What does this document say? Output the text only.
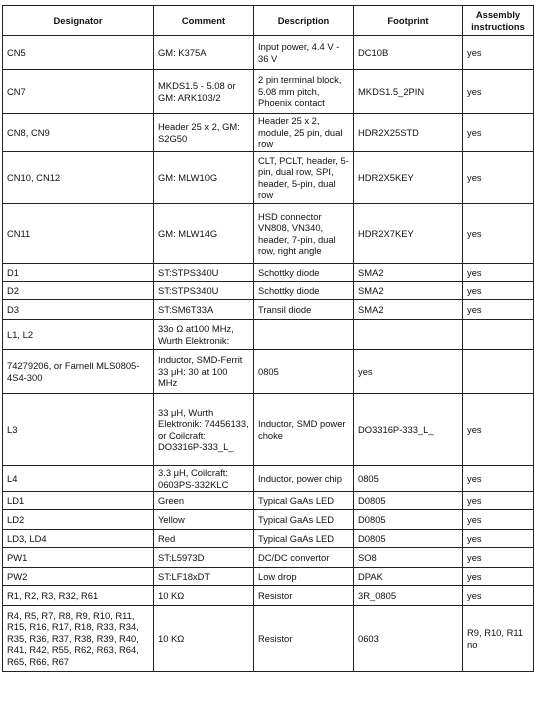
Designator	Comment	Description	Footprint	Assembly instructions
CN5	GM: K375A	Input power, 4.4 V - 36 V	DC10B	yes
CN7	MKDS1.5 - 5.08 or GM: ARK103/2	2 pin terminal block, 5.08 mm pitch, Phoenix contact	MKDS1.5_2PIN	yes
CN8, CN9	Header 25 x 2, GM: S2G50	Header 25 x 2, module, 25 pin, dual row	HDR2X25STD	yes
CN10, CN12	GM: MLW10G	CLT, PCLT, header, 5-pin, dual row, SPI, header, 5-pin, dual row	HDR2X5KEY	yes
CN11	GM: MLW14G	HSD connector VN808, VN340, header, 7-pin, dual row, right angle	HDR2X7KEY	yes
D1	ST:STPS340U	Schottky diode	SMA2	yes
D2	ST:STPS340U	Schottky diode	SMA2	yes
D3	ST:SM6T33A	Transil diode	SMA2	yes
L1, L2	33o Ω at100 MHz, Wurth Elektronik:			
74279206, or Farnell MLS0805-4S4-300	Inductor, SMD-Ferrit 33 μH: 30 at 100 MHz	0805	yes	
L3	33 μH, Wurth Elektronik: 74456133, or Coilcraft: DO3316P-333_L_	Inductor, SMD power choke	DO3316P-333_L_	yes
L4	3.3 μH, Coilcraft: 0603PS-332KLC	Inductor, power chip	0805	yes
LD1	Green	Typical GaAs LED	D0805	yes
LD2	Yellow	Typical GaAs LED	D0805	yes
LD3, LD4	Red	Typical GaAs LED	D0805	yes
PW1	ST:L5973D	DC/DC convertor	SO8	yes
PW2	ST:LF18xDT	Low drop	DPAK	yes
R1, R2, R3, R32, R61	10 KΩ	Resistor	3R_0805	yes
R4, R5, R7, R8, R9, R10, R11, R15, R16, R17, R18, R33, R34, R35, R36, R37, R38, R39, R40, R41, R42, R55, R62, R63, R64, R65, R66, R67	10 KΩ	Resistor	0603	R9, R10, R11 no
